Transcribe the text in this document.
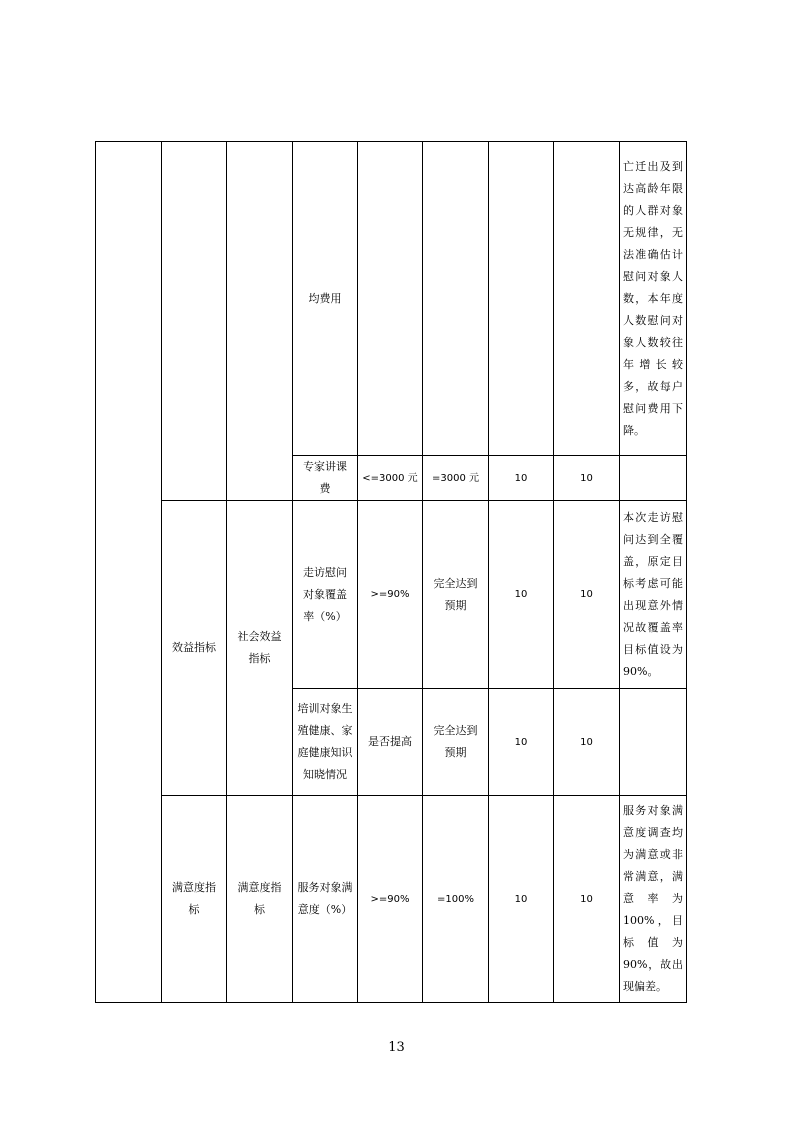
			均费用					亡迁出及到达高龄年限的人群对象无规律，无法准确估计慰问对象人数，本年度人数慰问对象人数较往年增长较多，故每户慰问费用下降。

			专家讲课费	<=3000 元	=3000 元	10	10	

	效益指标	社会效益指标	走访慰问对象覆盖率（%）	>=90%	完全达到预期	10	10	本次走访慰问达到全覆盖，原定目标考虑可能出现意外情况故覆盖率目标值设为 90%。

			培训对象生殖健康、家庭健康知识知晓情况	是否提高	完全达到预期	10	10	

	满意度指标	满意度指标	服务对象满意度（%）	>=90%	=100%	10	10	服务对象满意度调查均为满意或非常满意，满意率为 100%，目标值为 90%，故出现偏差。
13
